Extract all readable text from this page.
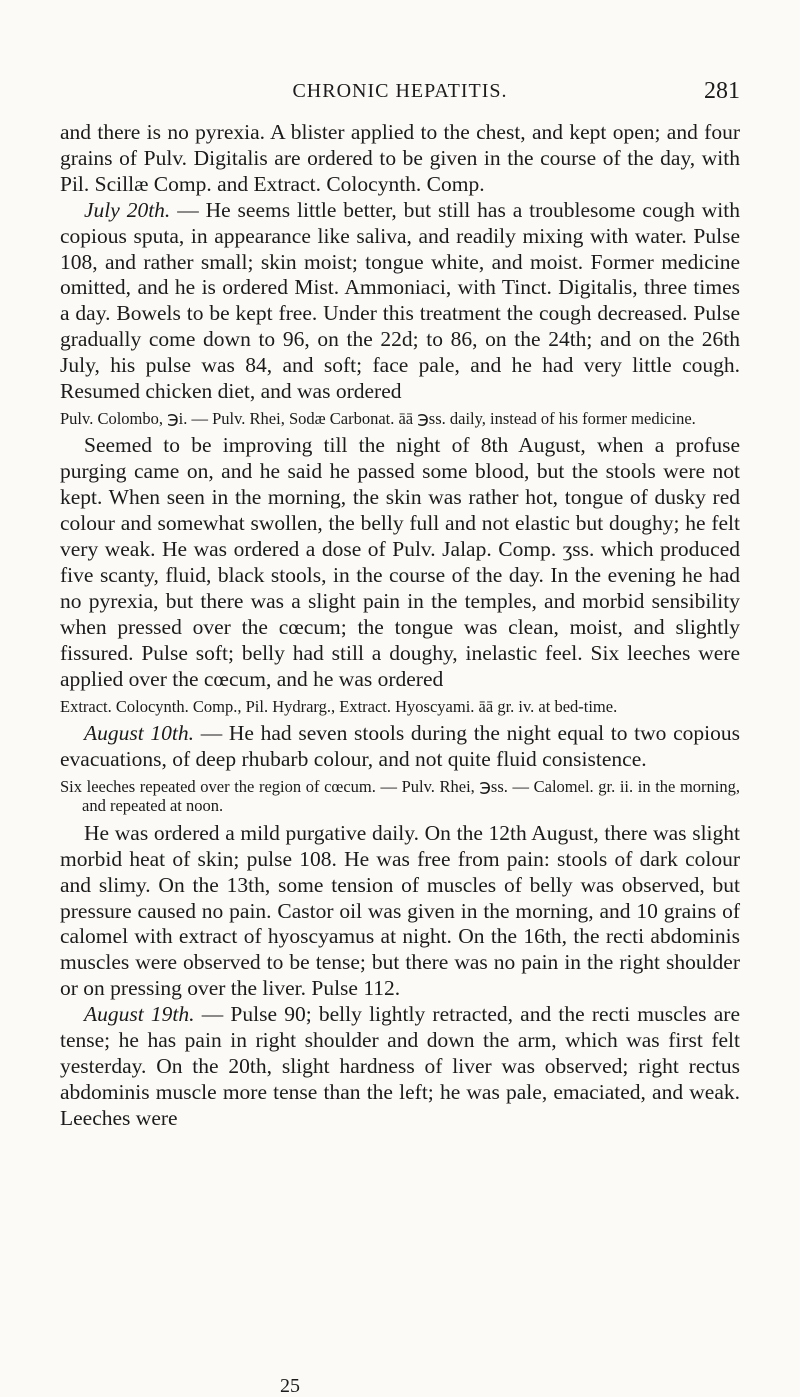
CHRONIC HEPATITIS.	281

and there is no pyrexia. A blister applied to the chest, and kept open; and four grains of Pulv. Digitalis are ordered to be given in the course of the day, with Pil. Scillæ Comp. and Extract. Colocynth. Comp.

July 20th. — He seems little better, but still has a troublesome cough with copious sputa, in appearance like saliva, and readily mixing with water. Pulse 108, and rather small; skin moist; tongue white, and moist. Former medicine omitted, and he is ordered Mist. Ammoniaci, with Tinct. Digitalis, three times a day. Bowels to be kept free. Under this treatment the cough decreased. Pulse gradually come down to 96, on the 22d; to 86, on the 24th; and on the 26th July, his pulse was 84, and soft; face pale, and he had very little cough. Resumed chicken diet, and was ordered

Pulv. Colombo, ℈i. — Pulv. Rhei, Sodæ Carbonat. āā ℈ss. daily, instead of his former medicine.

Seemed to be improving till the night of 8th August, when a profuse purging came on, and he said he passed some blood, but the stools were not kept. When seen in the morning, the skin was rather hot, tongue of dusky red colour and somewhat swollen, the belly full and not elastic but doughy; he felt very weak. He was ordered a dose of Pulv. Jalap. Comp. ʒss. which produced five scanty, fluid, black stools, in the course of the day. In the evening he had no pyrexia, but there was a slight pain in the temples, and morbid sensibility when pressed over the cœcum; the tongue was clean, moist, and slightly fissured. Pulse soft; belly had still a doughy, inelastic feel. Six leeches were applied over the cœcum, and he was ordered

Extract. Colocynth. Comp., Pil. Hydrarg., Extract. Hyoscyami. āā gr. iv. at bed-time.

August 10th. — He had seven stools during the night equal to two copious evacuations, of deep rhubarb colour, and not quite fluid consistence.

Six leeches repeated over the region of cœcum. — Pulv. Rhei, ℈ss. — Calomel. gr. ii. in the morning, and repeated at noon.

He was ordered a mild purgative daily. On the 12th August, there was slight morbid heat of skin; pulse 108. He was free from pain: stools of dark colour and slimy. On the 13th, some tension of muscles of belly was observed, but pressure caused no pain. Castor oil was given in the morning, and 10 grains of calomel with extract of hyoscyamus at night. On the 16th, the recti abdominis muscles were observed to be tense; but there was no pain in the right shoulder or on pressing over the liver. Pulse 112.

August 19th. — Pulse 90; belly lightly retracted, and the recti muscles are tense; he has pain in right shoulder and down the arm, which was first felt yesterday. On the 20th, slight hardness of liver was observed; right rectus abdominis muscle more tense than the left; he was pale, emaciated, and weak. Leeches were

25
